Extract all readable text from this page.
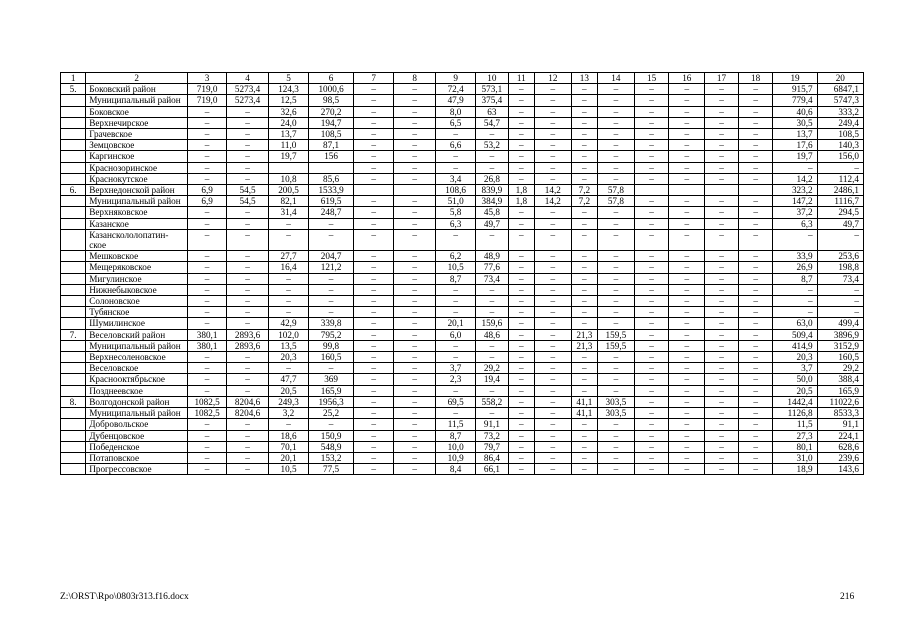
1	2	3	4	5	6	7	8	9	10	11	12	13	14	15	16	17	18	19	20
5.	Боковский район	719,0	5273,4	124,3	1000,6	–	–	72,4	573,1	–	–	–	–	–	–	–	–	915,7	6847,1
	Муниципальный район	719,0	5273,4	12,5	98,5	–	–	47,9	375,4	–	–	–	–	–	–	–	–	779,4	5747,3
	Боковское	–	–	32,6	270,2	–	–	8,0	63	–	–	–	–	–	–	–	–	40,6	333,2
	Верхнечирское	–	–	24,0	194,7	–	–	6,5	54,7	–	–	–	–	–	–	–	–	30,5	249,4
	Грачевское	–	–	13,7	108,5	–	–	–	–	–	–	–	–	–	–	–	–	13,7	108,5
	Земцовское	–	–	11,0	87,1	–	–	6,6	53,2	–	–	–	–	–	–	–	–	17,6	140,3
	Каргинское	–	–	19,7	156	–	–	–	–	–	–	–	–	–	–	–	–	19,7	156,0
	Краснозоринское	–	–			–	–	–	–	–	–	–	–	–	–	–	–	–	–
	Краснокутское	–	–	10,8	85,6	–	–	3,4	26,8	–	–	–	–	–	–	–	–	14,2	112,4
6.	Верхнедонской район	6,9	54,5	200,5	1533,9			108,6	839,9	1,8	14,2	7,2	57,8					323,2	2486,1
	Муниципальный район	6,9	54,5	82,1	619,5	–	–	51,0	384,9	1,8	14,2	7,2	57,8	–	–	–	–	147,2	1116,7
	Верхняковское	–	–	31,4	248,7	–	–	5,8	45,8	–	–	–	–	–	–	–	–	37,2	294,5
	Казанское	–	–	–	–	–	–	6,3	49,7	–	–	–	–	–	–	–	–	6,3	49,7
	Казанскололопатин-ское	–	–	–	–	–	–	–	–	–	–	–	–	–	–	–	–	–	–
	Мешковское	–	–	27,7	204,7	–	–	6,2	48,9	–	–	–	–	–	–	–	–	33,9	253,6
	Мещеряковское	–	–	16,4	121,2	–	–	10,5	77,6	–	–	–	–	–	–	–	–	26,9	198,8
	Мигулинское	–	–	–	–	–	–	8,7	73,4	–	–	–	–	–	–	–	–	8,7	73,4
	Нижнебыковское	–	–	–	–	–	–	–	–	–	–	–	–	–	–	–	–	–	–
	Солоновское	–	–	–	–	–	–	–	–	–	–	–	–	–	–	–	–	–	–
	Тубянское	–	–	–	–	–	–	–	–	–	–	–	–	–	–	–	–	–	–
	Шумилинское	–	–	42,9	339,8	–	–	20,1	159,6	–	–	–	–	–	–	–	–	63,0	499,4
7.	Веселовский район	380,1	2893,6	102,0	795,2	–	–	6,0	48,6	–	–	21,3	159,5	–	–	–	–	509,4	3896,9
	Муниципальный район	380,1	2893,6	13,5	99,8	–	–	–	–	–	–	21,3	159,5	–	–	–	–	414,9	3152,9
	Верхнесоленовское	–	–	20,3	160,5	–	–	–	–	–	–	–	–	–	–	–	–	20,3	160,5
	Веселовское	–	–	–	–	–	–	3,7	29,2	–	–	–	–	–	–	–	–	3,7	29,2
	Краснооктябрьское	–	–	47,7	369	–	–	2,3	19,4	–	–	–	–	–	–	–	–	50,0	388,4
	Позднеевское	–	–	20,5	165,9	–	–	–	–	–	–	–	–	–	–	–	–	20,5	165,9
8.	Волгодонской район	1082,5	8204,6	249,3	1956,3	–	–	69,5	558,2	–	–	41,1	303,5	–	–	–	–	1442,4	11022,6
	Муниципальный район	1082,5	8204,6	3,2	25,2	–	–	–	–	–	–	41,1	303,5	–	–	–	–	1126,8	8533,3
	Добровольское	–	–	–	–	–	–	11,5	91,1	–	–	–	–	–	–	–	–	11,5	91,1
	Дубенцовское	–	–	18,6	150,9	–	–	8,7	73,2	–	–	–	–	–	–	–	–	27,3	224,1
	Победенское	–	–	70,1	548,9	–	–	10,0	79,7	–	–	–	–	–	–	–	–	80,1	628,6
	Потаповское	–	–	20,1	153,2	–	–	10,9	86,4	–	–	–	–	–	–	–	–	31,0	239,6
	Прогрессовское	–	–	10,5	77,5	–	–	8,4	66,1	–	–	–	–	–	–	–	–	18,9	143,6
Z:\ORST\Rpo\0803r313.f16.docx	216
